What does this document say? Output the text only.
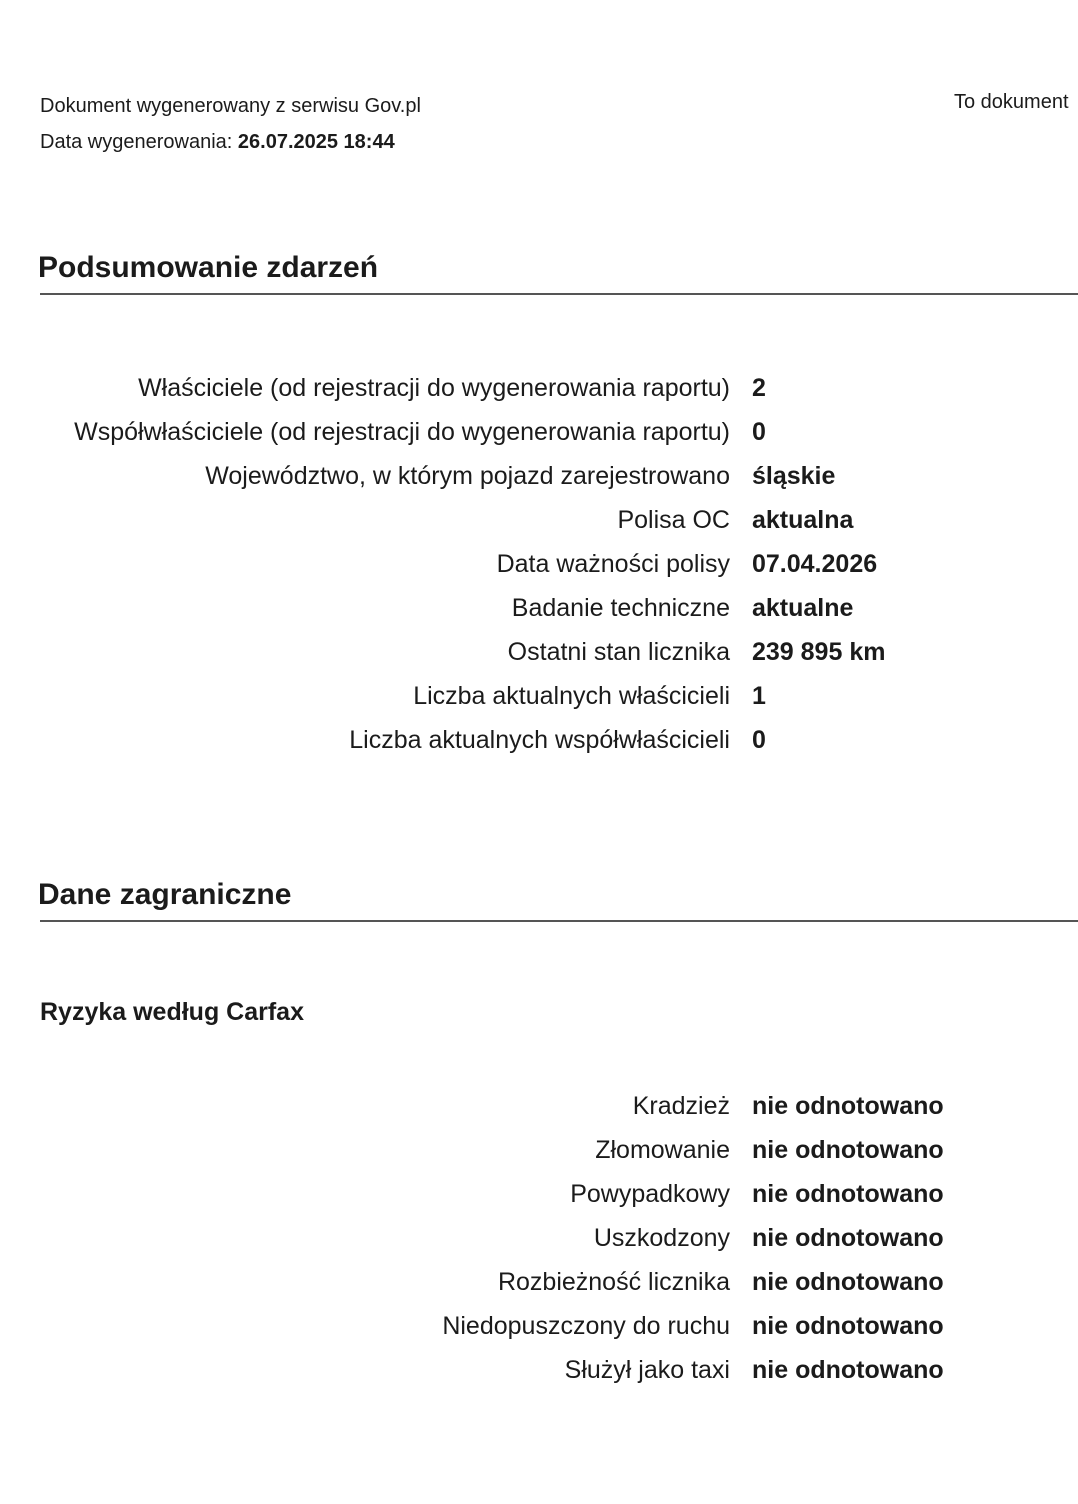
Dokument wygenerowany z serwisu Gov.pl
Data wygenerowania: 26.07.2025 18:44
To dokument
Podsumowanie zdarzeń
Właściciele (od rejestracji do wygenerowania raportu)	2
Współwłaściciele (od rejestracji do wygenerowania raportu)	0
Województwo, w którym pojazd zarejestrowano	śląskie
Polisa OC	aktualna
Data ważności polisy	07.04.2026
Badanie techniczne	aktualne
Ostatni stan licznika	239 895 km
Liczba aktualnych właścicieli	1
Liczba aktualnych współwłaścicieli	0
Dane zagraniczne
Ryzyka według Carfax
Kradzież	nie odnotowano
Złomowanie	nie odnotowano
Powypadkowy	nie odnotowano
Uszkodzony	nie odnotowano
Rozbieżność licznika	nie odnotowano
Niedopuszczony do ruchu	nie odnotowano
Służył jako taxi	nie odnotowano
